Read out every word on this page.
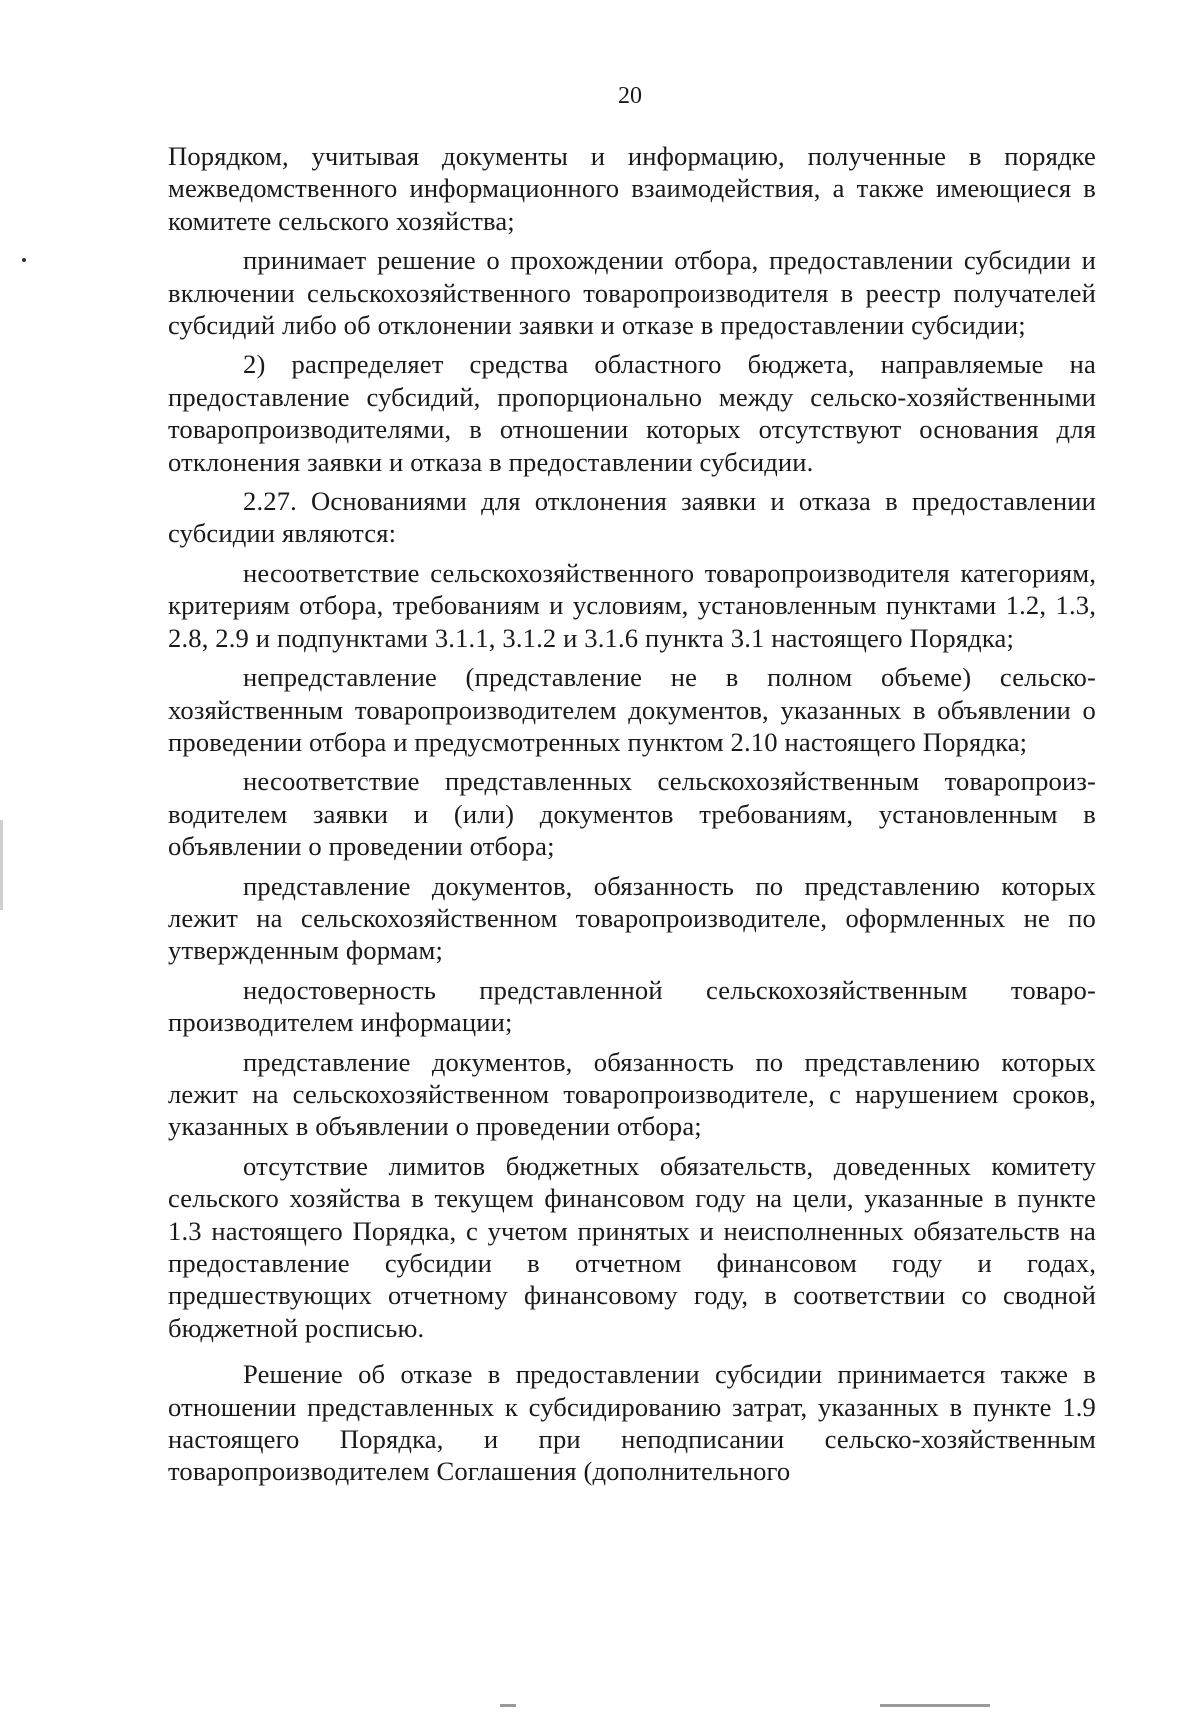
20

Порядком, учитывая документы и информацию, полученные в порядке межведомственного информационного взаимодействия, а также имеющиеся в комитете сельского хозяйства;

принимает решение о прохождении отбора, предоставлении субсидии и включении сельскохозяйственного товаропроизводителя в реестр получателей субсидий либо об отклонении заявки и отказе в предоставлении субсидии;

2) распределяет средства областного бюджета, направляемые на предоставление субсидий, пропорционально между сельско-хозяйственными товаропроизводителями, в отношении которых отсутствуют основания для отклонения заявки и отказа в предоставлении субсидии.

2.27. Основаниями для отклонения заявки и отказа в предоставлении субсидии являются:

несоответствие сельскохозяйственного товаропроизводителя категориям, критериям отбора, требованиям и условиям, установленным пунктами 1.2, 1.3, 2.8, 2.9 и подпунктами 3.1.1, 3.1.2 и 3.1.6 пункта 3.1 настоящего Порядка;

непредставление (представление не в полном объеме) сельско-хозяйственным товаропроизводителем документов, указанных в объявлении о проведении отбора и предусмотренных пунктом 2.10 настоящего Порядка;

несоответствие представленных сельскохозяйственным товаропроиз-водителем заявки и (или) документов требованиям, установленным в объявлении о проведении отбора;

представление документов, обязанность по представлению которых лежит на сельскохозяйственном товаропроизводителе, оформленных не по утвержденным формам;

недостоверность представленной сельскохозяйственным товаро-производителем информации;

представление документов, обязанность по представлению которых лежит на сельскохозяйственном товаропроизводителе, с нарушением сроков, указанных в объявлении о проведении отбора;

отсутствие лимитов бюджетных обязательств, доведенных комитету сельского хозяйства в текущем финансовом году на цели, указанные в пункте 1.3 настоящего Порядка, с учетом принятых и неисполненных обязательств на предоставление субсидии в отчетном финансовом году и годах, предшествующих отчетному финансовому году, в соответствии со сводной бюджетной росписью.

Решение об отказе в предоставлении субсидии принимается также в отношении представленных к субсидированию затрат, указанных в пункте 1.9 настоящего Порядка, и при неподписании сельско-хозяйственным товаропроизводителем Соглашения (дополнительного
